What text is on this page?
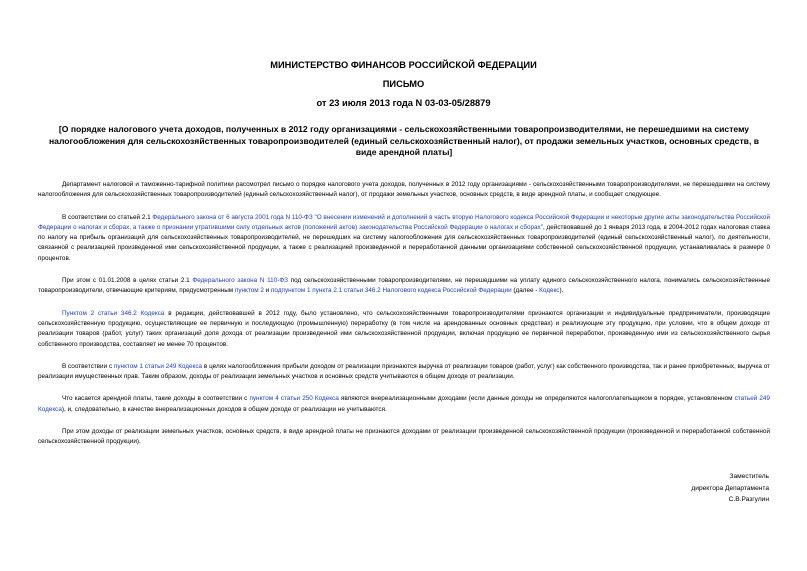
МИНИСТЕРСТВО ФИНАНСОВ РОССИЙСКОЙ ФЕДЕРАЦИИ
ПИСЬМО
от 23 июля 2013 года N 03-03-05/28879
[О порядке налогового учета доходов, полученных в 2012 году организациями - сельскохозяйственными товаропроизводителями, не перешедшими на систему налогообложения для сельскохозяйственных товаропроизводителей (единый сельскохозяйственный налог), от продажи земельных участков, основных средств, в виде арендной платы]

Департамент налоговой и таможенно-тарифной политики рассмотрел письмо о порядке налогового учета доходов, полученных в 2012 году организациями - сельскохозяйственными товаропроизводителями, не перешедшими на систему налогообложения для сельскохозяйственных товаропроизводителей (единый сельскохозяйственный налог), от продажи земельных участков, основных средств, в виде арендной платы, и сообщает следующее.

В соответствии со статьей 2.1 Федерального закона от 6 августа 2001 года N 110-ФЗ "О внесении изменений и дополнений в часть вторую Налогового кодекса Российской Федерации и некоторые другие акты законодательства Российской Федерации о налогах и сборах, а также о признании утратившими силу отдельных актов (положений актов) законодательства Российской Федерации о налогах и сборах", действовавшей до 1 января 2013 года, в 2004-2012 годах налоговая ставка по налогу на прибыль организаций для сельскохозяйственных товаропроизводителей, не перешедших на систему налогообложения для сельскохозяйственных товаропроизводителей (единый сельскохозяйственный налог), по деятельности, связанной с реализацией произведенной ими сельскохозяйственной продукции, а также с реализацией произведенной и переработанной данными организациями собственной сельскохозяйственной продукции, устанавливалась в размере 0 процентов.

При этом с 01.01.2008 в целях статьи 2.1 Федерального закона N 110-ФЗ под сельскохозяйственными товаропроизводителями, не перешедшими на уплату единого сельскохозяйственного налога, понимались сельскохозяйственные товаропроизводители, отвечающие критериям, предусмотренным пунктом 2 и подпунктом 1 пункта 2.1 статьи 346.2 Налогового кодекса Российской Федерации (далее - Кодекс).

Пунктом 2 статьи 346.2 Кодекса в редакции, действовавшей в 2012 году, было установлено, что сельскохозяйственными товаропроизводителями признаются организации и индивидуальные предприниматели, производящие сельскохозяйственную продукцию, осуществляющие ее первичную и последующую (промышленную) переработку (в том числе на арендованных основных средствах) и реализующие эту продукцию, при условии, что в общем доходе от реализации товаров (работ, услуг) таких организаций доля дохода от реализации произведенной ими сельскохозяйственной продукции, включая продукцию ее первичной переработки, произведенную ими из сельскохозяйственного сырья собственного производства, составляет не менее 70 процентов.

В соответствии с пунктом 1 статьи 249 Кодекса в целях налогообложения прибыли доходом от реализации признаются выручка от реализации товаров (работ, услуг) как собственного производства, так и ранее приобретенных, выручка от реализации имущественных прав. Таким образом, доходы от реализации земельных участков и основных средств учитываются в общем доходе от реализации.

Что касается арендной платы, такие доходы в соответствии с пунктом 4 статьи 250 Кодекса являются внереализационными доходами (если данные доходы не определяются налогоплательщиком в порядке, установленном статьей 249 Кодекса), и, следовательно, в качестве внереализационных доходов в общем доходе от реализации не учитываются.

При этом доходы от реализации земельных участков, основных средств, в виде арендной платы не признаются доходами от реализации произведенной сельскохозяйственной продукции (произведенной и переработанной собственной сельскохозяйственной продукции).

Заместитель
директора Департамента
С.В.Разгулин
